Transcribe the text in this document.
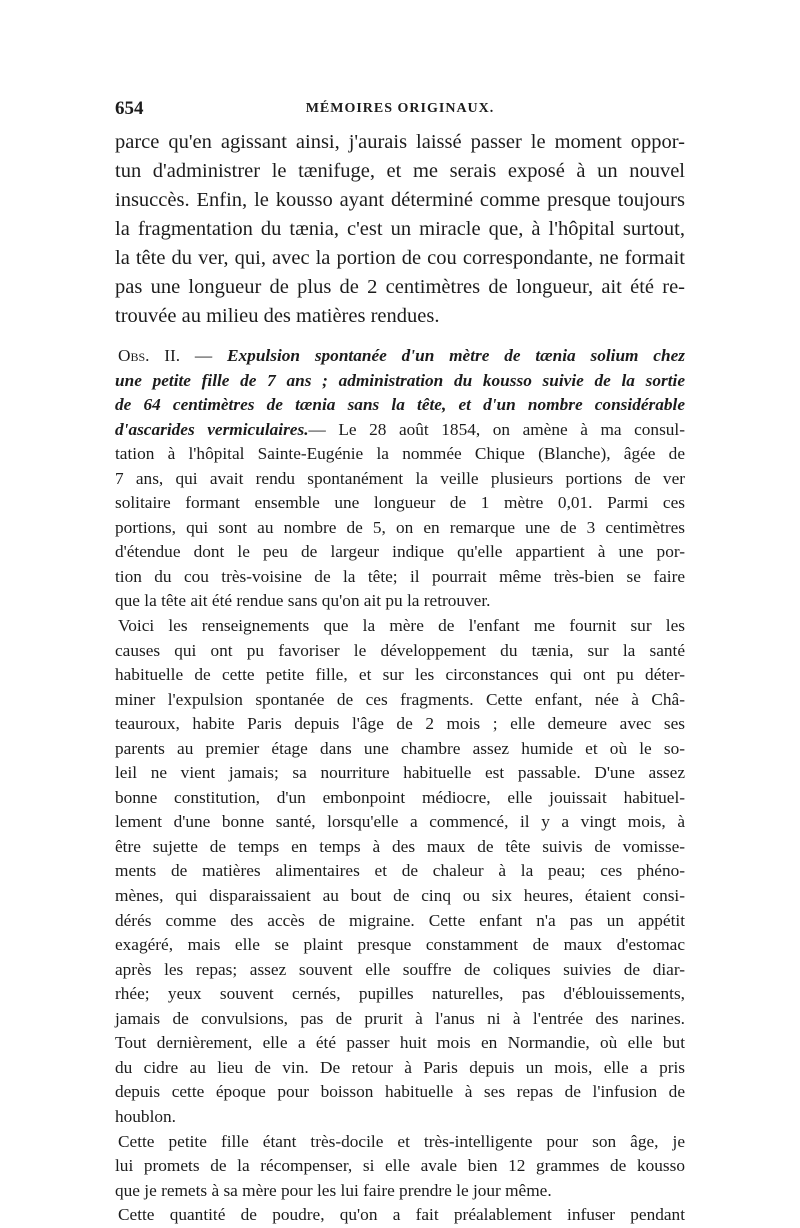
654	MÉMOIRES ORIGINAUX.
parce qu'en agissant ainsi, j'aurais laissé passer le moment oppor-
tun d'administrer le tænifuge, et me serais exposé à un nouvel
insuccès. Enfin, le kousso ayant déterminé comme presque toujours
la fragmentation du tænia, c'est un miracle que, à l'hôpital surtout,
la tête du ver, qui, avec la portion de cou correspondante, ne formait
pas une longueur de plus de 2 centimètres de longueur, ait été re-
trouvée au milieu des matières rendues.
Obs. II. — Expulsion spontanée d'un mètre de tænia solium chez
une petite fille de 7 ans ; administration du kousso suivie de la sortie
de 64 centimètres de tænia sans la tête, et d'un nombre considérable
d'ascarides vermiculaires.— Le 28 août 1854, on amène à ma consul-
tation à l'hôpital Sainte-Eugénie la nommée Chique (Blanche), âgée de
7 ans, qui avait rendu spontanément la veille plusieurs portions de ver
solitaire formant ensemble une longueur de 1 mètre 0,01. Parmi ces
portions, qui sont au nombre de 5, on en remarque une de 3 centimètres
d'étendue dont le peu de largeur indique qu'elle appartient à une por-
tion du cou très-voisine de la tête; il pourrait même très-bien se faire
que la tête ait été rendue sans qu'on ait pu la retrouver.
Voici les renseignements que la mère de l'enfant me fournit sur les
causes qui ont pu favoriser le développement du tænia, sur la santé
habituelle de cette petite fille, et sur les circonstances qui ont pu déter-
miner l'expulsion spontanée de ces fragments. Cette enfant, née à Châ-
teauroux, habite Paris depuis l'âge de 2 mois ; elle demeure avec ses
parents au premier étage dans une chambre assez humide et où le so-
leil ne vient jamais; sa nourriture habituelle est passable. D'une assez
bonne constitution, d'un embonpoint médiocre, elle jouissait habituel-
lement d'une bonne santé, lorsqu'elle a commencé, il y a vingt mois, à
être sujette de temps en temps à des maux de tête suivis de vomisse-
ments de matières alimentaires et de chaleur à la peau; ces phéno-
mènes, qui disparaissaient au bout de cinq ou six heures, étaient consi-
dérés comme des accès de migraine. Cette enfant n'a pas un appétit
exagéré, mais elle se plaint presque constamment de maux d'estomac
après les repas; assez souvent elle souffre de coliques suivies de diar-
rhée; yeux souvent cernés, pupilles naturelles, pas d'éblouissements,
jamais de convulsions, pas de prurit à l'anus ni à l'entrée des narines.
Tout dernièrement, elle a été passer huit mois en Normandie, où elle but
du cidre au lieu de vin. De retour à Paris depuis un mois, elle a pris
depuis cette époque pour boisson habituelle à ses repas de l'infusion de
houblon.
Cette petite fille étant très-docile et très-intelligente pour son âge, je
lui promets de la récompenser, si elle avale bien 12 grammes de kousso
que je remets à sa mère pour les lui faire prendre le jour même.
Cette quantité de poudre, qu'on a fait préalablement infuser pendant
